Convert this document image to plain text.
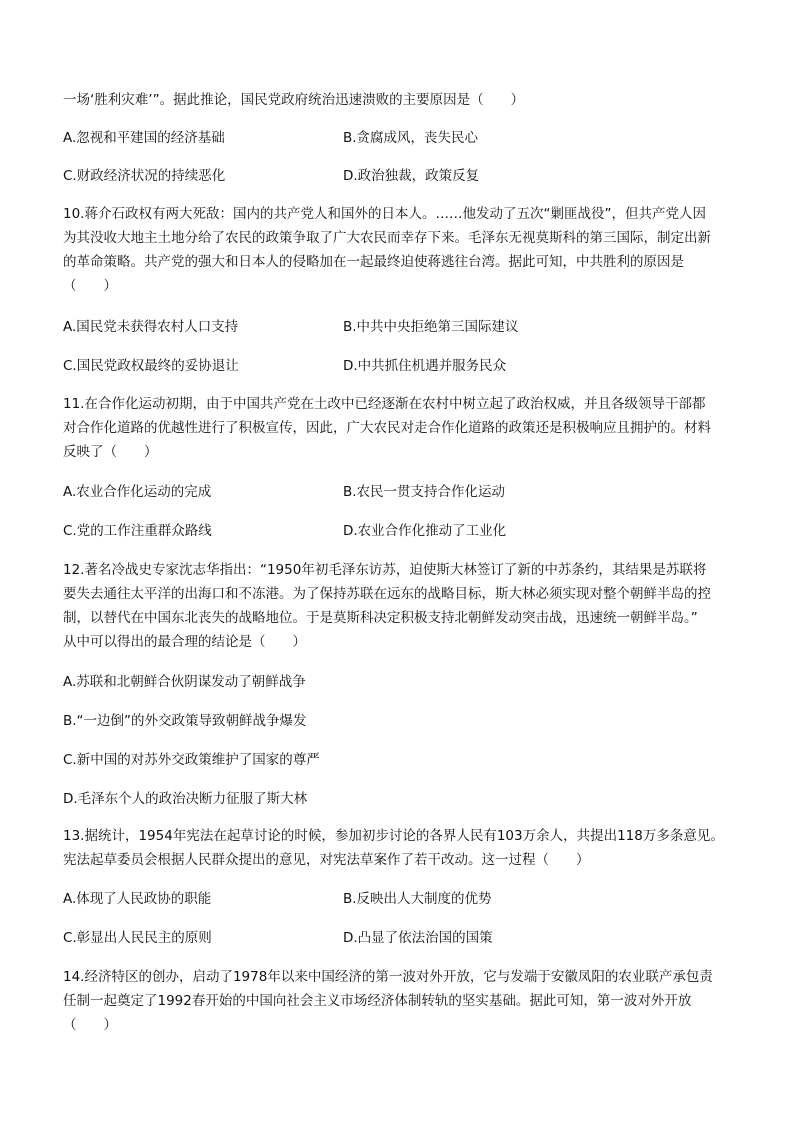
一场‘胜利灾难’”。据此推论，国民党政府统治迅速溃败的主要原因是（　　）
A.忽视和平建国的经济基础	B.贪腐成风，丧失民心
C.财政经济状况的持续恶化	D.政治独裁，政策反复
10.蒋介石政权有两大死敌：国内的共产党人和国外的日本人。……他发动了五次“剿匪战役”，但共产党人因
为其没收大地主土地分给了农民的政策争取了广大农民而幸存下来。毛泽东无视莫斯科的第三国际，制定出新
的革命策略。共产党的强大和日本人的侵略加在一起最终迫使蒋逃往台湾。据此可知，中共胜利的原因是
（　　）
A.国民党未获得农村人口支持	B.中共中央拒绝第三国际建议
C.国民党政权最终的妥协退让	D.中共抓住机遇并服务民众
11.在合作化运动初期，由于中国共产党在土改中已经逐渐在农村中树立起了政治权威，并且各级领导干部都
对合作化道路的优越性进行了积极宣传，因此，广大农民对走合作化道路的政策还是积极响应且拥护的。材料
反映了（　　）
A.农业合作化运动的完成	B.农民一贯支持合作化运动
C.党的工作注重群众路线	D.农业合作化推动了工业化
12.著名冷战史专家沈志华指出：“1950年初毛泽东访苏，迫使斯大林签订了新的中苏条约，其结果是苏联将
要失去通往太平洋的出海口和不冻港。为了保持苏联在远东的战略目标，斯大林必须实现对整个朝鲜半岛的控
制，以替代在中国东北丧失的战略地位。于是莫斯科决定积极支持北朝鲜发动突击战，迅速统一朝鲜半岛。”
从中可以得出的最合理的结论是（　　）
A.苏联和北朝鲜合伙阴谋发动了朝鲜战争
B.“一边倒”的外交政策导致朝鲜战争爆发
C.新中国的对苏外交政策维护了国家的尊严
D.毛泽东个人的政治决断力征服了斯大林
13.据统计，1954年宪法在起草讨论的时候，参加初步讨论的各界人民有103万余人，共提出118万多条意见。
宪法起草委员会根据人民群众提出的意见，对宪法草案作了若干改动。这一过程（　　）
A.体现了人民政协的职能	B.反映出人大制度的优势
C.彰显出人民民主的原则	D.凸显了依法治国的国策
14.经济特区的创办，启动了1978年以来中国经济的第一波对外开放，它与发端于安徽凤阳的农业联产承包责
任制一起奠定了1992春开始的中国向社会主义市场经济体制转轨的坚实基础。据此可知，第一波对外开放
（　　）
